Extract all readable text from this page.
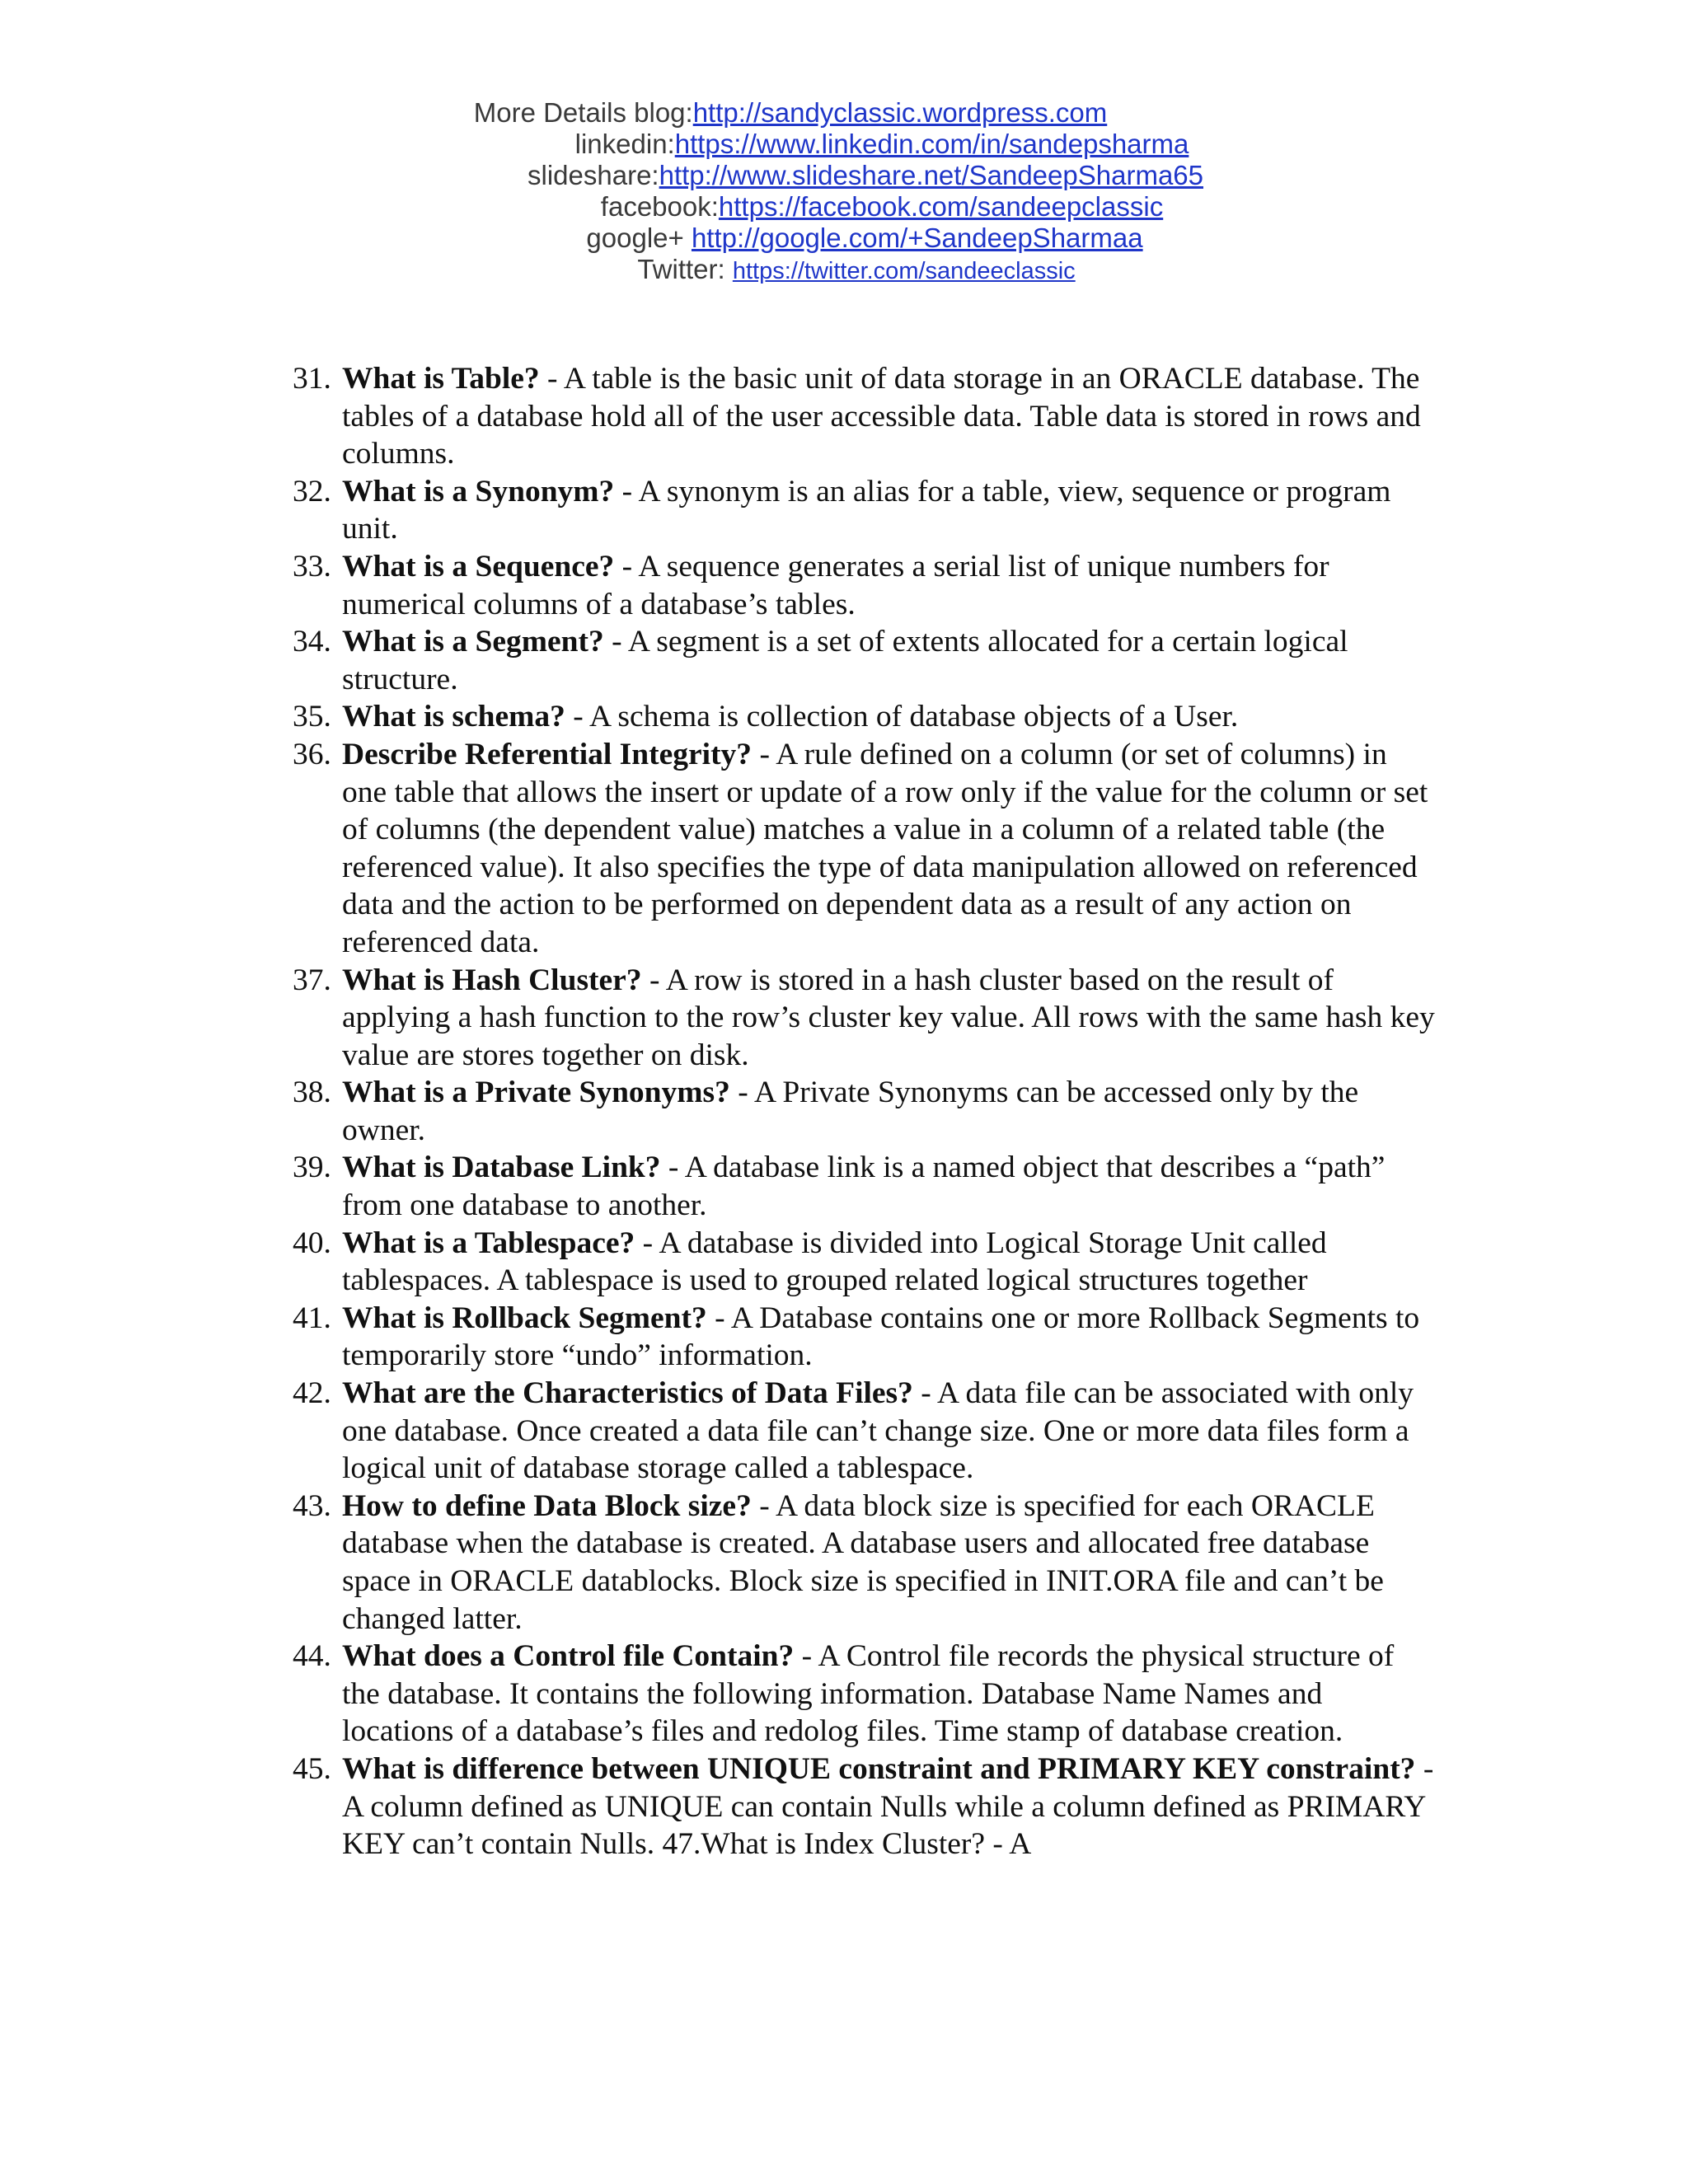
More Details blog:http://sandyclassic.wordpress.com
linkedin:https://www.linkedin.com/in/sandepsharma
slideshare:http://www.slideshare.net/SandeepSharma65
facebook:https://facebook.com/sandeepclassic
google+ http://google.com/+SandeepSharmaa
Twitter: https://twitter.com/sandeeclassic
31. What is Table? - A table is the basic unit of data storage in an ORACLE database. The tables of a database hold all of the user accessible data. Table data is stored in rows and columns.
32. What is a Synonym? - A synonym is an alias for a table, view, sequence or program unit.
33. What is a Sequence? - A sequence generates a serial list of unique numbers for numerical columns of a database’s tables.
34. What is a Segment? - A segment is a set of extents allocated for a certain logical structure.
35. What is schema? - A schema is collection of database objects of a User.
36. Describe Referential Integrity? - A rule defined on a column (or set of columns) in one table that allows the insert or update of a row only if the value for the column or set of columns (the dependent value) matches a value in a column of a related table (the referenced value). It also specifies the type of data manipulation allowed on referenced data and the action to be performed on dependent data as a result of any action on referenced data.
37. What is Hash Cluster? - A row is stored in a hash cluster based on the result of applying a hash function to the row’s cluster key value. All rows with the same hash key value are stores together on disk.
38. What is a Private Synonyms? - A Private Synonyms can be accessed only by the owner.
39. What is Database Link? - A database link is a named object that describes a “path” from one database to another.
40. What is a Tablespace? - A database is divided into Logical Storage Unit called tablespaces. A tablespace is used to grouped related logical structures together
41. What is Rollback Segment? - A Database contains one or more Rollback Segments to temporarily store “undo” information.
42. What are the Characteristics of Data Files? - A data file can be associated with only one database. Once created a data file can’t change size. One or more data files form a logical unit of database storage called a tablespace.
43. How to define Data Block size? - A data block size is specified for each ORACLE database when the database is created. A database users and allocated free database space in ORACLE datablocks. Block size is specified in INIT.ORA file and can’t be changed latter.
44. What does a Control file Contain? - A Control file records the physical structure of the database. It contains the following information. Database Name Names and locations of a database’s files and redolog files. Time stamp of database creation.
45. What is difference between UNIQUE constraint and PRIMARY KEY constraint? - A column defined as UNIQUE can contain Nulls while a column defined as PRIMARY KEY can’t contain Nulls. 47.What is Index Cluster? - A
